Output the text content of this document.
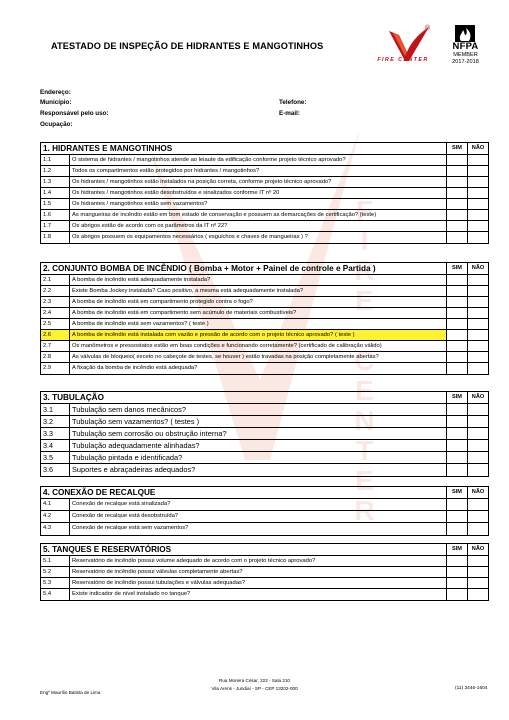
FIRE CENTER
ATESTADO DE INSPEÇÃO DE HIDRANTES E MANGOTINHOS
®
FIRE CENTER
NFPA
MEMBER
2017-2018
Endereço:
Município:
Responsável pelo uso:
Ocupação:
Telefone:
E-mail:
1. HIDRANTES E MANGOTINHOS	SIM	NÃO
1.1	O sistema de hidrantes / mangotinhos atende ao leiaute da edificação conforme projeto técnico aprovado?
1.2	Todos os compartimentos estão protegidos por hidrantes / mangotinhos?
1.3	Os hidrantes / mangotinhos estão instalados na posição correta, conforme projeto técnico aprovado?
1.4	Os hidrantes / mangotinhos estão desobstruídos e sinalizados conforme IT nº 20
1.5	Os hidrantes / mangotinhos estão sem vazamentos?
1.6	As mangueiras de incêndio estão em bom estado de conservação e possuem as demarcações de certificação? (teste)
1.7	Os abrigos estão de acordo com os parâmetros da IT nº 22?
1.8	Os abrigos possuem os equipamentos necessários ( esguichos e chaves de mangueiras ) ?
2. CONJUNTO BOMBA DE INCÊNDIO ( Bomba + Motor + Painel de controle e Partida )	SIM	NÃO
2.1	A bomba de incêndio está adequadamente instalada?
2.2	Existe Bomba Jockey instalada? Caso positivo, a mesma está adequadamente instalada?
2.3	A bomba de incêndio está em compartimento protegido contra o fogo?
2.4	A bomba de incêndio está em compartimento sem acúmulo de materiais combustíveis?
2.5	A bomba de incêndio está sem vazamentos? ( teste )
2.6	A bomba de incêndio está instalada com vazão e pressão de acordo com o projeto técnico aprovado? ( teste )
2.7	Os manômetros e pressostatos estão em boas condições e funcionando corretamente? (certificado de calibração válido)
2.8	As válvulas de bloqueio( exceto no cabeçote de testes, se houver ) estão travadas na posição completamente abertas?
2.9	A fixação da bomba de incêndio está adequada?
3. TUBULAÇÃO	SIM	NÃO
3.1	Tubulação sem danos mecânicos?
3.2	Tubulação sem vazamentos? ( testes )
3.3	Tubulação sem corrosão ou obstrução interna?
3.4	Tubulação adequadamente alinhadas?
3.5	Tubulação pintada e identificada?
3.6	Suportes e abraçadeiras adequados?
4. CONEXÃO DE RECALQUE	SIM	NÃO
4.1	Conexão de recalque está sinalizada?
4.2	Conexão de recalque está desobstruída?
4.3	Conexão de recalque está sem vazamentos?
5. TANQUES E RESERVATÓRIOS	SIM	NÃO
5.1	Reservatório de incêndio possui volume adequado de acordo com o projeto técnico aprovado?
5.2	Reservatório de incêndio possui válvulas completamente abertas?
5.3	Reservatório de incêndio possui tubulações e válvulas adequadas?
5.4	Existe indicador de nível instalado no tanque?
Rua Moreira César, 222 - Sala 210
Vila Arens - Jundiaí - SP - CEP 13202-000	(11) 3446-1604
Engº Maurílio Batista de Lima
